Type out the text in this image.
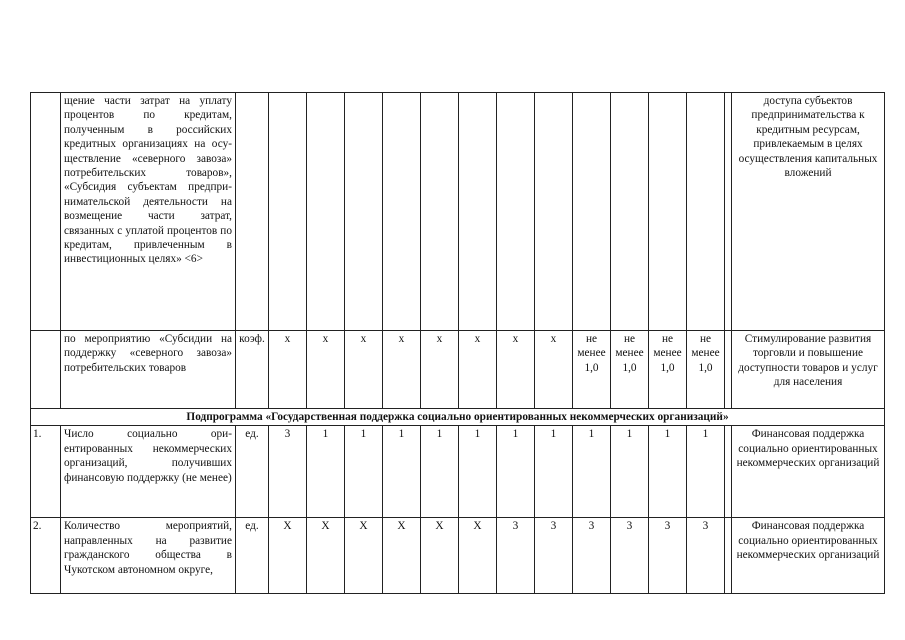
	щение части затрат на уплату процентов по кредитам, полученным в российских кредитных организациях на осуществление «северного завоза» потребительских товаров», «Субсидия субъектам предпринимательской деятельности на возмещение части затрат, связанных с уплатой процентов по кредитам, привлеченным в инвестиционных целях» <6>															доступа субъектов предпринимательства к кредитным ресурсам, привлекаемым в целях осуществления капитальных вложений
	по мероприятию «Субсидии на поддержку «северного завоза» потребительских товаров	коэф.	x	x	x	x	x	x	x	x	не менее 1,0	не менее 1,0	не менее 1,0	не менее 1,0		Стимулирование развития торговли и повышение доступности товаров и услуг для населения
Подпрограмма «Государственная поддержка социально ориентированных некоммерческих организаций»																
1.	Число социально ориентированных некоммерческих организаций, получивших финансовую поддержку (не менее)	ед.	3	1	1	1	1	1	1	1	1	1	1	1		Финансовая поддержка социально ориентированных некоммерческих организаций
2.	Количество мероприятий, направленных на развитие гражданского общества в Чукотском автономном округе,	ед.	X	X	X	X	X	X	3	3	3	3	3	3		Финансовая поддержка социально ориентированных некоммерческих организаций
